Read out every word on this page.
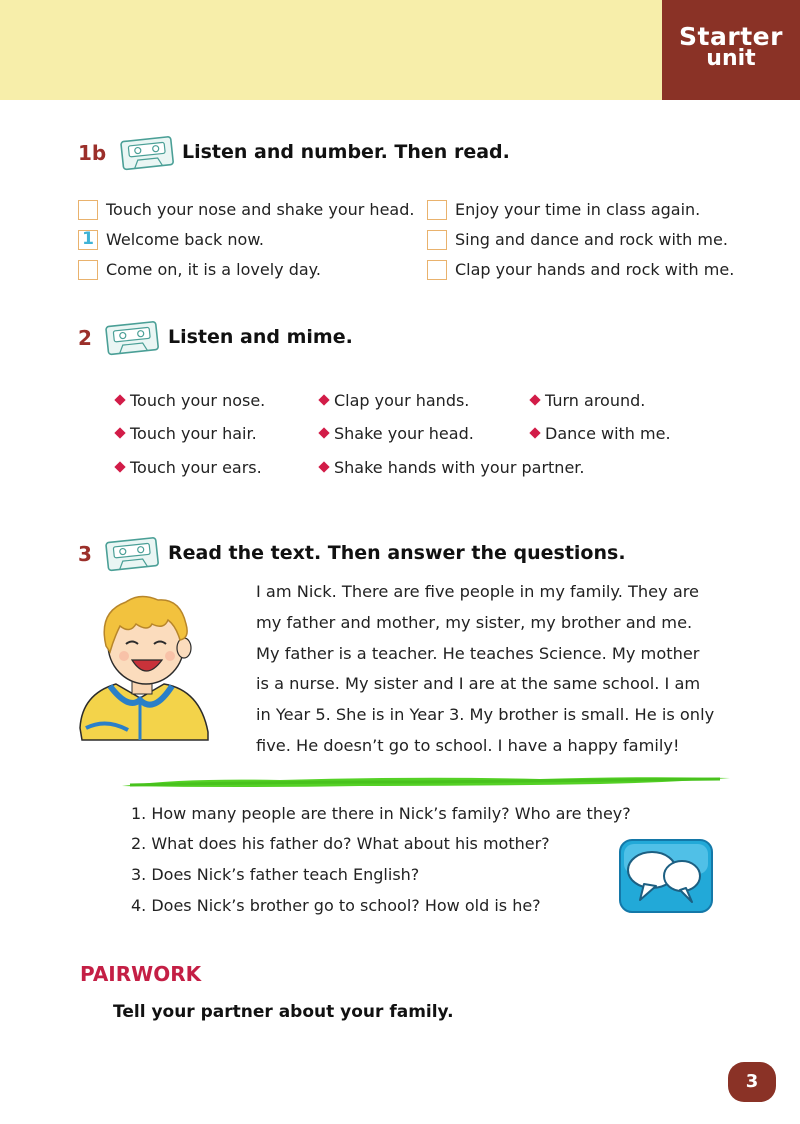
Starter
unit
1b	Listen and number. Then read.
Touch your nose and shake your head.
1 Welcome back now.
Come on, it is a lovely day.
Enjoy your time in class again.
Sing and dance and rock with me.
Clap your hands and rock with me.
2	Listen and mime.
Touch your nose.
Touch your hair.
Touch your ears.
Clap your hands.
Shake your head.
Shake hands with your partner.
Turn around.
Dance with me.
3	Read the text. Then answer the questions.
I am Nick. There are five people in my family. They are
my father and mother, my sister, my brother and me.
My father is a teacher. He teaches Science. My mother
is a nurse. My sister and I are at the same school. I am
in Year 5. She is in Year 3. My brother is small. He is only
five. He doesn’t go to school. I have a happy family!
1. How many people are there in Nick’s family? Who are they?
2. What does his father do? What about his mother?
3. Does Nick’s father teach English?
4. Does Nick’s brother go to school? How old is he?
PAIRWORK
Tell your partner about your family.
3
